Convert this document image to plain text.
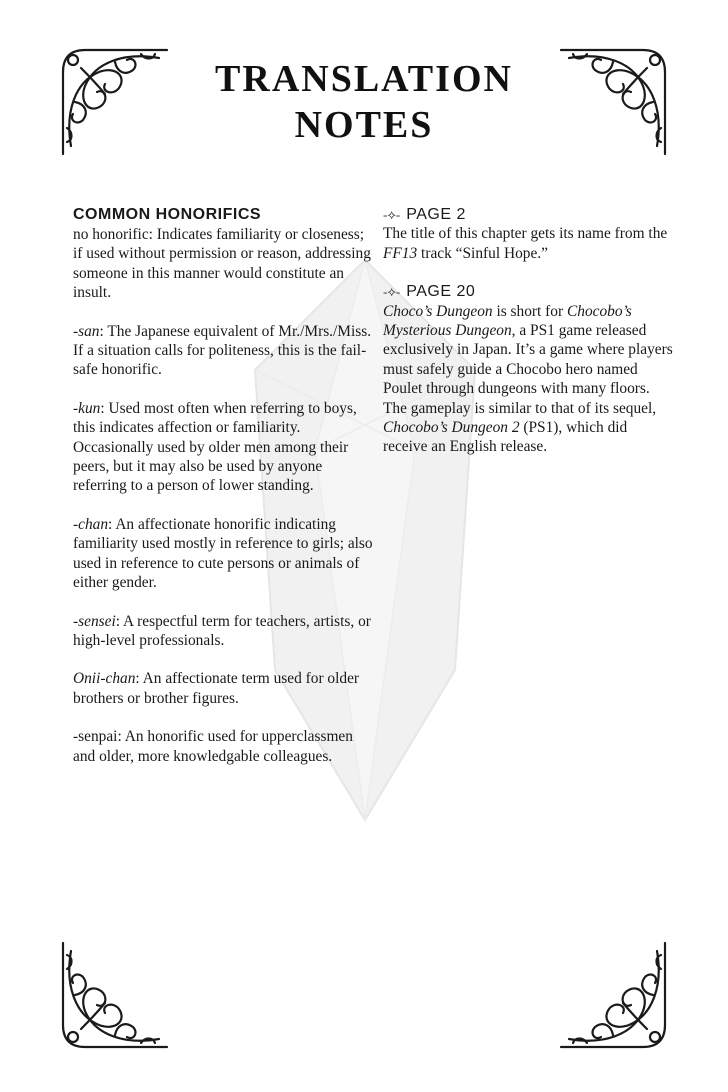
TRANSLATION
NOTES
COMMON HONORIFICS

no honorific: Indicates familiarity or closeness; if used without permission or reason, addressing someone in this manner would constitute an insult.

-san: The Japanese equivalent of Mr./Mrs./Miss. If a situation calls for politeness, this is the fail-safe honorific.

-kun: Used most often when referring to boys, this indicates affection or familiarity. Occasionally used by older men among their peers, but it may also be used by anyone referring to a person of lower standing.

-chan: An affectionate honorific indicating familiarity used mostly in reference to girls; also used in reference to cute persons or animals of either gender.

-sensei: A respectful term for teachers, artists, or high-level professionals.

Onii-chan: An affectionate term used for older brothers or brother figures.

-senpai: An honorific used for upperclassmen and older, more knowledgable colleagues.

-⟡- PAGE 2

The title of this chapter gets its name from the FF13 track “Sinful Hope.”

-⟡- PAGE 20

Choco’s Dungeon is short for Chocobo’s Mysterious Dungeon, a PS1 game released exclusively in Japan. It’s a game where players must safely guide a Chocobo hero named Poulet through dungeons with many floors. The gameplay is similar to that of its sequel, Chocobo’s Dungeon 2 (PS1), which did receive an English release.
